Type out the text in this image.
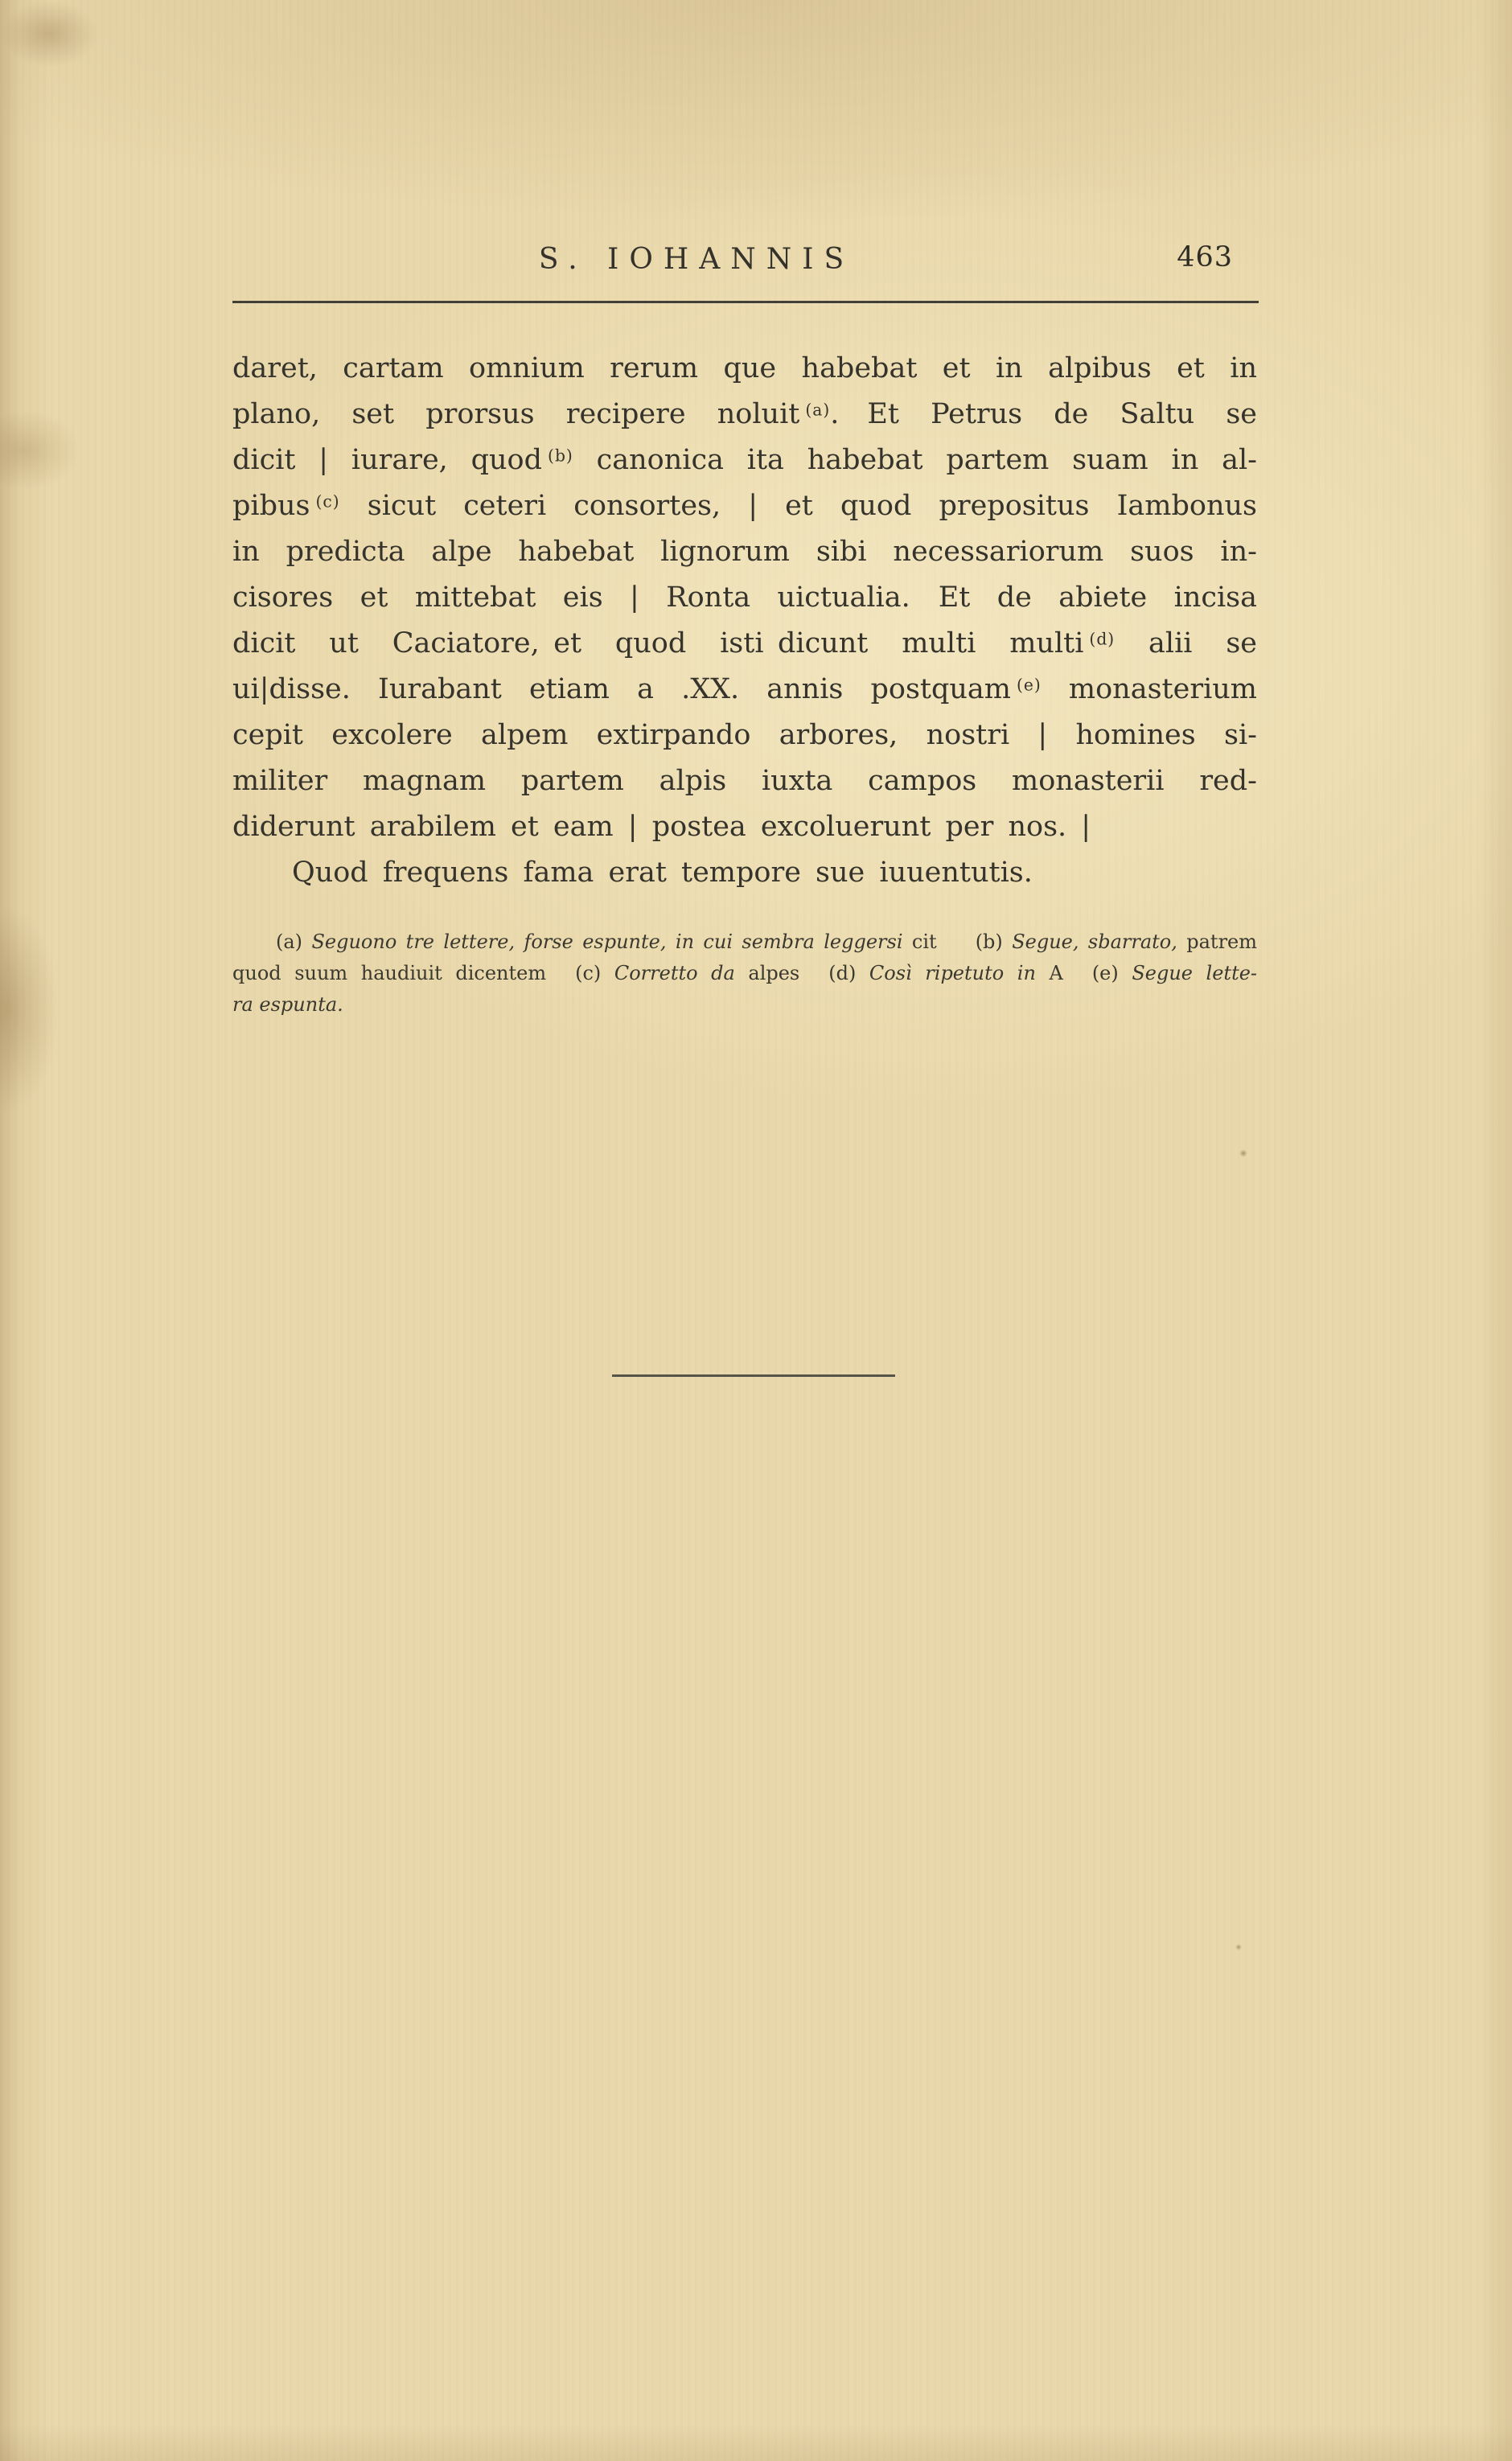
S. IOHANNIS	463
daret, cartam omnium rerum que habebat et in alpibus et in
plano, set prorsus recipere noluit $^{(a)}$. Et Petrus de Saltu se
dicit | iurare, quod $^{(b)}$ canonica ita habebat partem suam in al-
pibus $^{(c)}$ sicut ceteri consortes, | et quod prepositus Iambonus
in predicta alpe habebat lignorum sibi necessariorum suos in-
cisores et mittebat eis | Ronta uictualia. Et de abiete incisa
dicit ut Caciatore, et quod isti dicunt multi multi $^{(d)}$ alii se
ui|disse. Iurabant etiam a .XX. annis postquam $^{(e)}$ monasterium
cepit excolere alpem extirpando arbores, nostri | homines si-
militer magnam partem alpis iuxta campos monasterii red-
diderunt arabilem et eam | postea excoluerunt per nos. |
Quod frequens fama erat tempore sue iuuentutis.
(a) Seguono tre lettere, forse espunte, in cui sembra leggersi cit   (b) Segue, sbarrato, patrem
quod suum haudiuit dicentem  (c) Corretto da alpes  (d) Così ripetuto in A  (e) Segue lette-
ra espunta.
